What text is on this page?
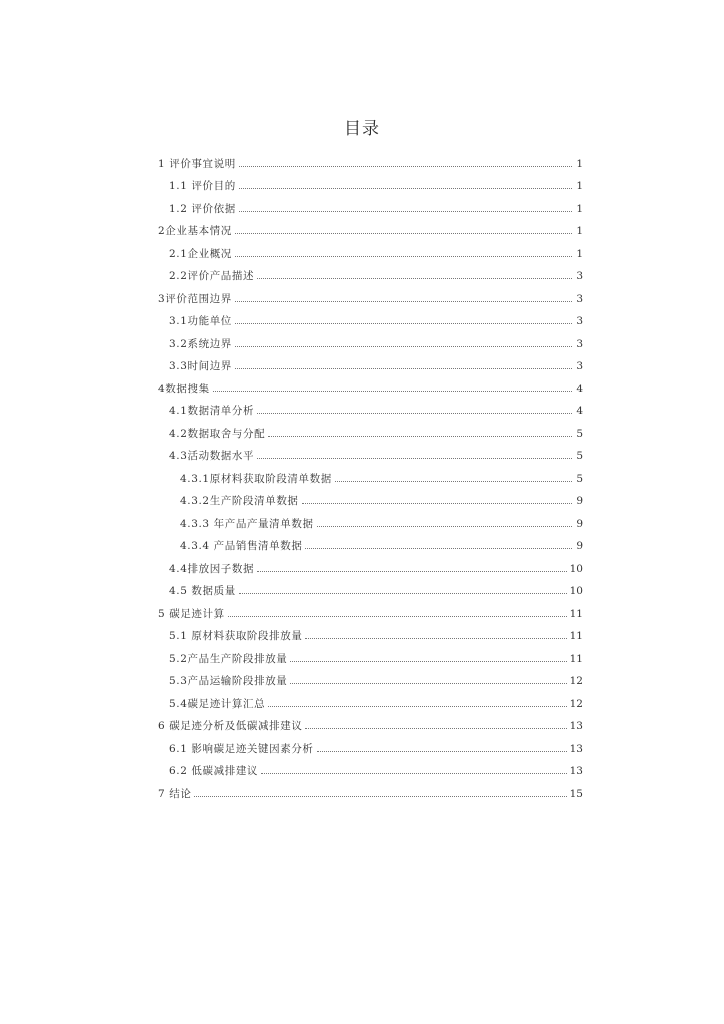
目录
1 评价事宜说明	1
1.1 评价目的	1
1.2 评价依据	1
2企业基本情况	1
2.1企业概况	1
2.2评价产品描述	3
3评价范围边界	3
3.1功能单位	3
3.2系统边界	3
3.3时间边界	3
4数据搜集	4
4.1数据清单分析	4
4.2数据取舍与分配	5
4.3活动数据水平	5
4.3.1原材料获取阶段清单数据	5
4.3.2生产阶段清单数据	9
4.3.3 年产品产量清单数据	9
4.3.4 产品销售清单数据	9
4.4排放因子数据	10
4.5 数据质量	10
5 碳足迹计算	11
5.1 原材料获取阶段排放量	11
5.2产品生产阶段排放量	11
5.3产品运输阶段排放量	12
5.4碳足迹计算汇总	12
6 碳足迹分析及低碳减排建议	13
6.1 影响碳足迹关键因素分析	13
6.2 低碳减排建议	13
7 结论	15
